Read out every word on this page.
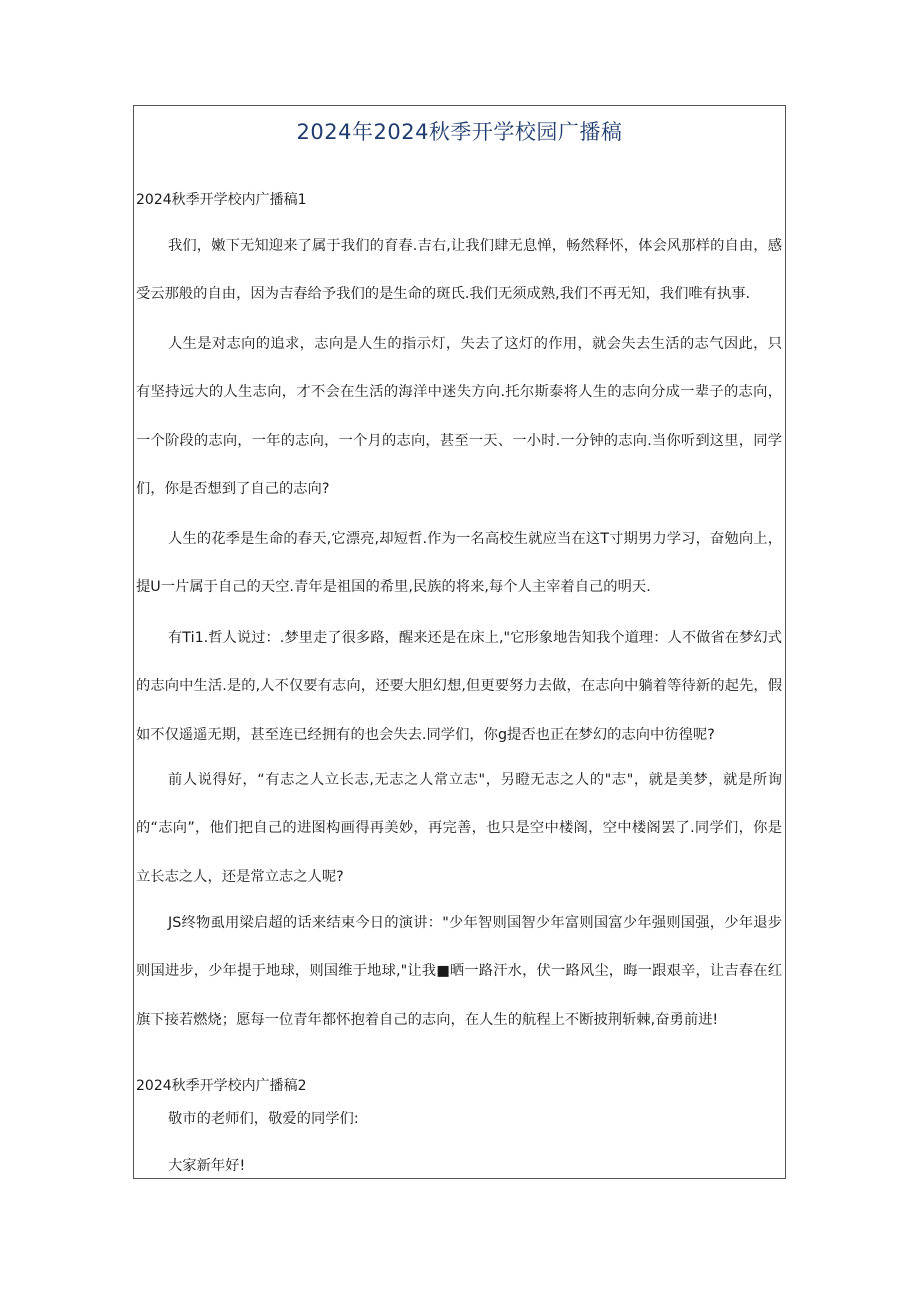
2024年2024秋季开学校园广播稿
2024秋季开学校内广播稿1

我们，嫩下无知迎来了属于我们的育春.吉右,让我们肆无息惮，畅然释怀，体会风那样的自由，感受云那般的自由，因为吉春给予我们的是生命的斑氏.我们无须成熟,我们不再无知，我们唯有执事.

人生是对志向的追求，志向是人生的指示灯，失去了这灯的作用，就会失去生活的志气因此，只有坚持远大的人生志向，才不会在生活的海洋中迷失方向.托尔斯泰将人生的志向分成一辈子的志向，一个阶段的志向，一年的志向，一个月的志向，甚至一天、一小时.一分钟的志向.当你听到这里，同学们，你是否想到了自己的志向?

人生的花季是生命的春天,它漂亮,却短哲.作为一名高校生就应当在这T寸期男力学习，奋勉向上，提U一片属于自己的天空.青年是祖国的希里,民族的将来,每个人主宰着自己的明天.

有Ti1.哲人说过：.梦里走了很多路，醒来还是在床上,"它形象地告知我个道理：人不做省在梦幻式的志向中生活.是的,人不仅要有志向，还要大胆幻想,但更要努力去做，在志向中躺着等待新的起先，假如不仅遥遥无期，甚至连已经拥有的也会失去.同学们，你g提否也正在梦幻的志向中彷徨呢?

前人说得好，“有志之人立长志,无志之人常立志"，另瞪无志之人的"志"，就是美梦，就是所询的“志向”，他们把自己的进图构画得再美妙，再完善，也只是空中楼阁，空中楼阁罢了.同学们，你是立长志之人，还是常立志之人呢?

JS终物虱用梁启超的话来结束今日的演讲："少年智则国智少年富则国富少年强则国强，少年退步则国进步，少年提于地球，则国维于地球,"让我■晒一路汗水，伏一路风尘，晦一跟艰辛，让吉春在红旗下接若燃烧；愿每一位青年都怀抱着自己的志向，在人生的航程上不断披荆斩棘,奋勇前进!

2024秋季开学校内广播稿2

敬市的老师们，敬爱的同学们:

大家新年好!
